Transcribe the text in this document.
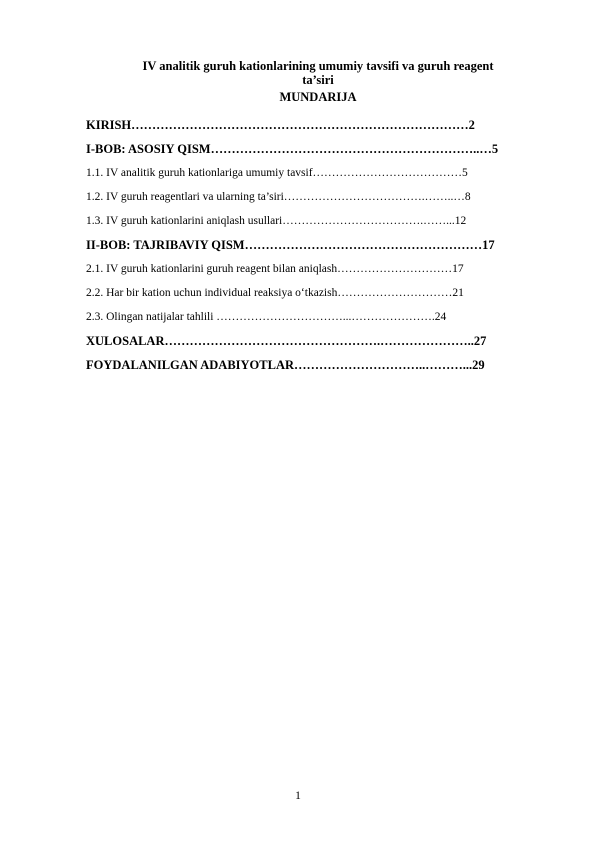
IV analitik guruh kationlarining umumiy tavsifi va guruh reagent
ta’siri
MUNDARIJA
KIRISH………………………………………………………………………2
I-BOB: ASOSIY QISM………………………………………………………..…5
1.1. IV analitik guruh kationlariga umumiy tavsif…………………………………5
1.2. IV guruh reagentlari va ularning ta’siri……………………………….……..…8
1.3. IV guruh kationlarini aniqlash usullari……………………………….……...12
II-BOB: TAJRIBAVIY QISM…………………………………………………17
2.1. IV guruh kationlarini guruh reagent bilan aniqlash…………………………17
2.2. Har bir kation uchun individual reaksiya o‘tkazish…………………………21
2.3. Olingan natijalar tahlili ……………………………...………………….24
XULOSALAR…………………………………………….…………………..27
FOYDALANILGAN ADABIYOTLAR…………………………..………...29
1
